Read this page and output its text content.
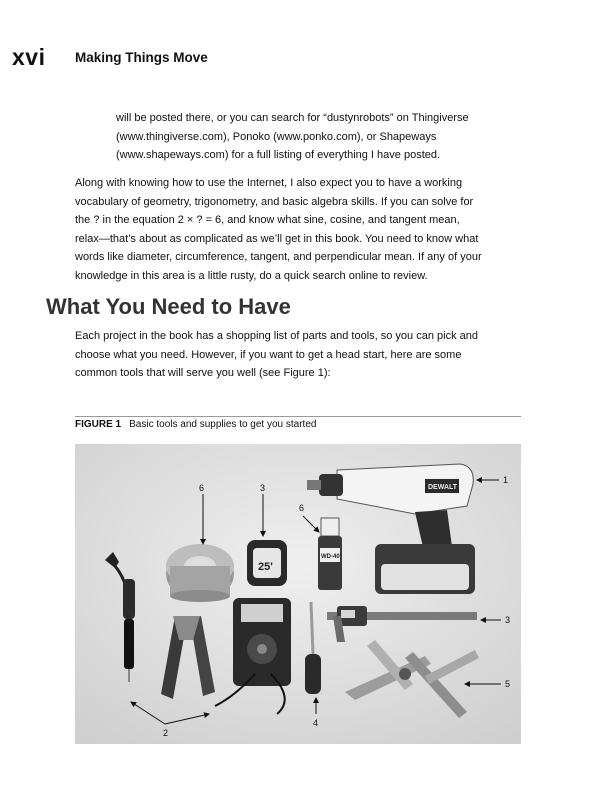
xvi Making Things Move

will be posted there, or you can search for “dustynrobots” on Thingiverse
(www.thingiverse.com), Ponoko (www.ponko.com), or Shapeways
(www.shapeways.com) for a full listing of everything I have posted.

Along with knowing how to use the Internet, I also expect you to have a working
vocabulary of geometry, trigonometry, and basic algebra skills. If you can solve for
the ? in the equation 2 × ? = 6, and know what sine, cosine, and tangent mean,
relax—that’s about as complicated as we’ll get in this book. You need to know what
words like diameter, circumference, tangent, and perpendicular mean. If any of your
knowledge in this area is a little rusty, do a quick search online to review.

What You Need to Have

Each project in the book has a shopping list of parts and tools, so you can pick and
choose what you need. However, if you want to get a head start, here are some
common tools that will serve you well (see Figure 1):

FIGURE 1 Basic tools and supplies to get you started
DEWALT
25'
WD-40
1
6	3
6
2
4
3
5
